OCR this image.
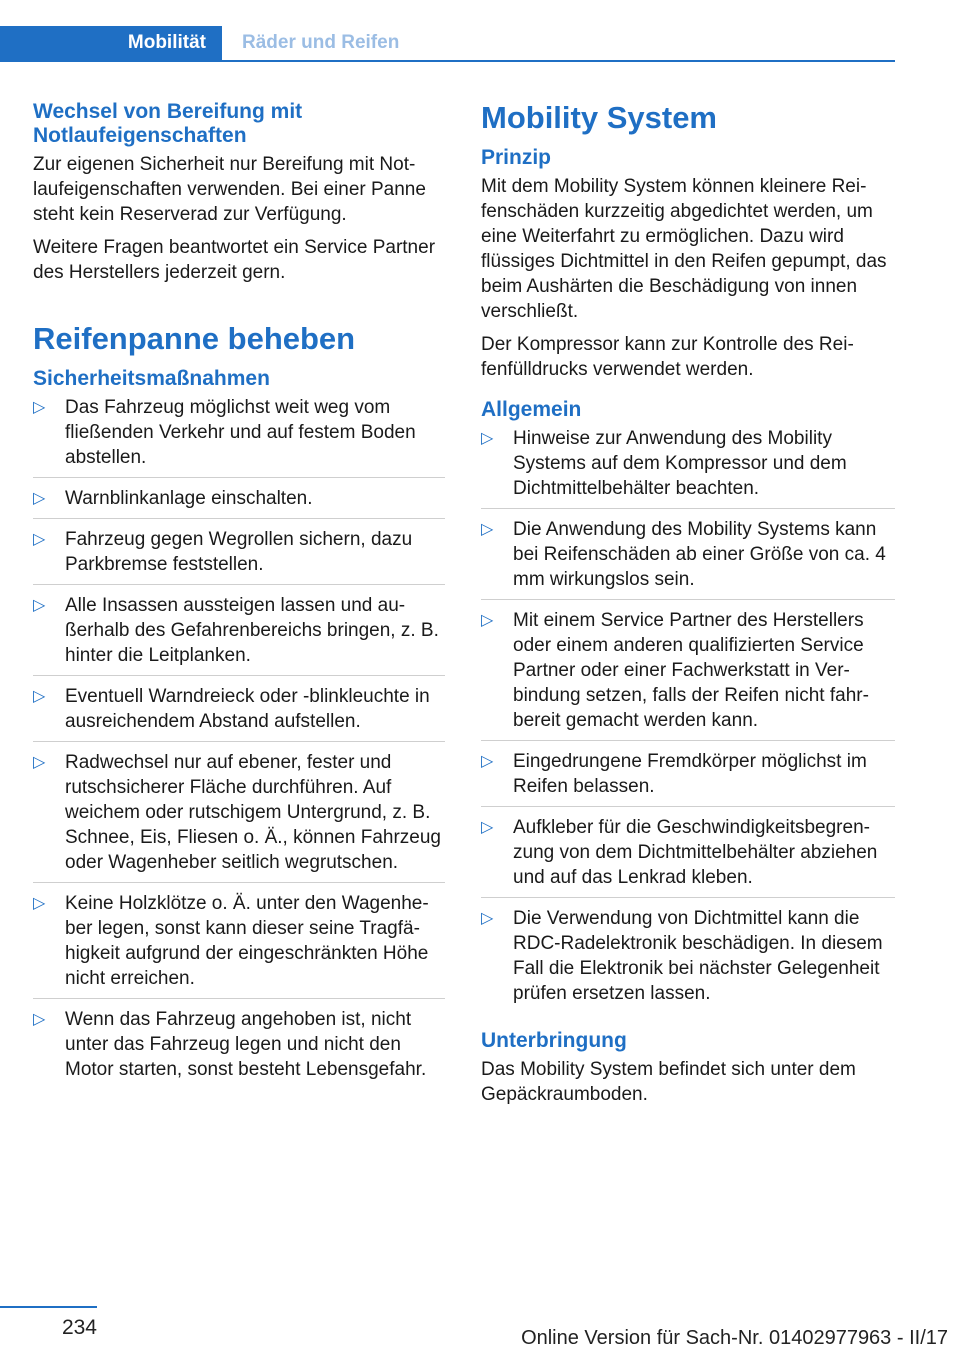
Mobilität Räder und Reifen
Wechsel von Bereifung mit Notlaufeigenschaften

Zur eigenen Sicherheit nur Bereifung mit Notlaufeigenschaften verwenden. Bei einer Panne steht kein Reserverad zur Verfügung.

Weitere Fragen beantwortet ein Service Partner des Herstellers jederzeit gern.

Reifenpanne beheben
Sicherheitsmaßnahmen
▷ Das Fahrzeug möglichst weit weg vom fließenden Verkehr und auf festem Boden abstellen.
▷ Warnblinkanlage einschalten.
▷ Fahrzeug gegen Wegrollen sichern, dazu Parkbremse feststellen.
▷ Alle Insassen aussteigen lassen und außerhalb des Gefahrenbereichs bringen, z. B. hinter die Leitplanken.
▷ Eventuell Warndreieck oder -blinkleuchte in ausreichendem Abstand aufstellen.
▷ Radwechsel nur auf ebener, fester und rutschsicherer Fläche durchführen. Auf weichem oder rutschigem Untergrund, z. B. Schnee, Eis, Fliesen o. Ä., können Fahrzeug oder Wagenheber seitlich wegrutschen.
▷ Keine Holzklötze o. Ä. unter den Wagenheber legen, sonst kann dieser seine Tragfähigkeit aufgrund der eingeschränkten Höhe nicht erreichen.
▷ Wenn das Fahrzeug angehoben ist, nicht unter das Fahrzeug legen und nicht den Motor starten, sonst besteht Lebensgefahr.
Mobility System
Prinzip

Mit dem Mobility System können kleinere Reifenschäden kurzzeitig abgedichtet werden, um eine Weiterfahrt zu ermöglichen. Dazu wird flüssiges Dichtmittel in den Reifen gepumpt, das beim Aushärten die Beschädigung von innen verschließt.

Der Kompressor kann zur Kontrolle des Reifenfülldrucks verwendet werden.

Allgemein
▷ Hinweise zur Anwendung des Mobility Systems auf dem Kompressor und dem Dichtmittelbehälter beachten.
▷ Die Anwendung des Mobility Systems kann bei Reifenschäden ab einer Größe von ca. 4 mm wirkungslos sein.
▷ Mit einem Service Partner des Herstellers oder einem anderen qualifizierten Service Partner oder einer Fachwerkstatt in Verbindung setzen, falls der Reifen nicht fahrbereit gemacht werden kann.
▷ Eingedrungene Fremdkörper möglichst im Reifen belassen.
▷ Aufkleber für die Geschwindigkeitsbegrenzung von dem Dichtmittelbehälter abziehen und auf das Lenkrad kleben.
▷ Die Verwendung von Dichtmittel kann die RDC-Radelektronik beschädigen. In diesem Fall die Elektronik bei nächster Gelegenheit prüfen ersetzen lassen.
Unterbringung

Das Mobility System befindet sich unter dem Gepäckraumboden.

234	Online Version für Sach-Nr. 01402977963 - II/17
